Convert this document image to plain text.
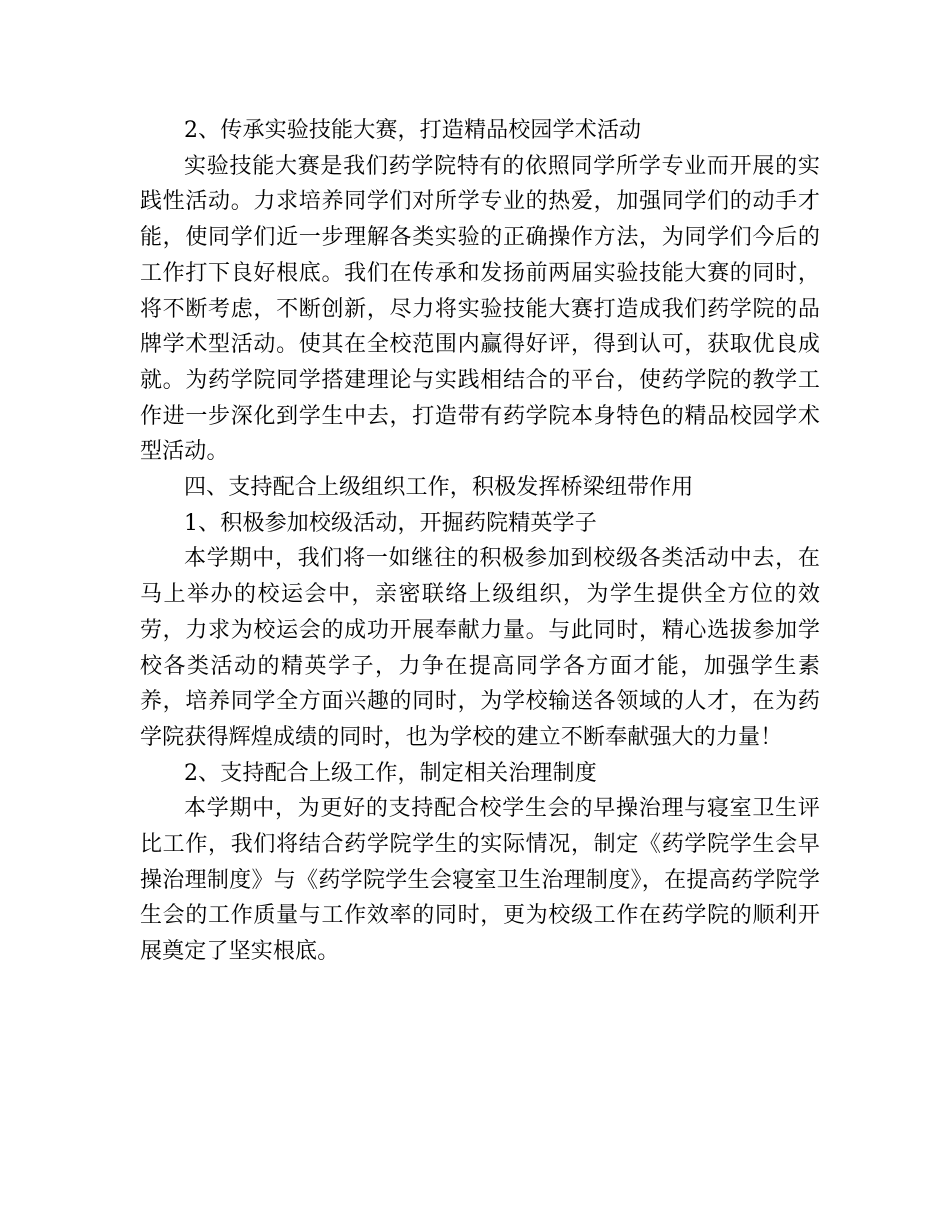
2、传承实验技能大赛，打造精品校园学术活动

实验技能大赛是我们药学院特有的依照同学所学专业而开展的实践性活动。力求培养同学们对所学专业的热爱，加强同学们的动手才能，使同学们近一步理解各类实验的正确操作方法，为同学们今后的工作打下良好根底。我们在传承和发扬前两届实验技能大赛的同时，将不断考虑，不断创新，尽力将实验技能大赛打造成我们药学院的品牌学术型活动。使其在全校范围内赢得好评，得到认可，获取优良成就。为药学院同学搭建理论与实践相结合的平台，使药学院的教学工作进一步深化到学生中去，打造带有药学院本身特色的精品校园学术型活动。

四、支持配合上级组织工作，积极发挥桥梁纽带作用

1、积极参加校级活动，开掘药院精英学子

本学期中，我们将一如继往的积极参加到校级各类活动中去，在马上举办的校运会中，亲密联络上级组织，为学生提供全方位的效劳，力求为校运会的成功开展奉献力量。与此同时，精心选拔参加学校各类活动的精英学子，力争在提高同学各方面才能，加强学生素养，培养同学全方面兴趣的同时，为学校输送各领域的人才，在为药学院获得辉煌成绩的同时，也为学校的建立不断奉献强大的力量！

2、支持配合上级工作，制定相关治理制度

本学期中，为更好的支持配合校学生会的早操治理与寝室卫生评比工作，我们将结合药学院学生的实际情况，制定《药学院学生会早操治理制度》与《药学院学生会寝室卫生治理制度》，在提高药学院学生会的工作质量与工作效率的同时，更为校级工作在药学院的顺利开展奠定了坚实根底。
